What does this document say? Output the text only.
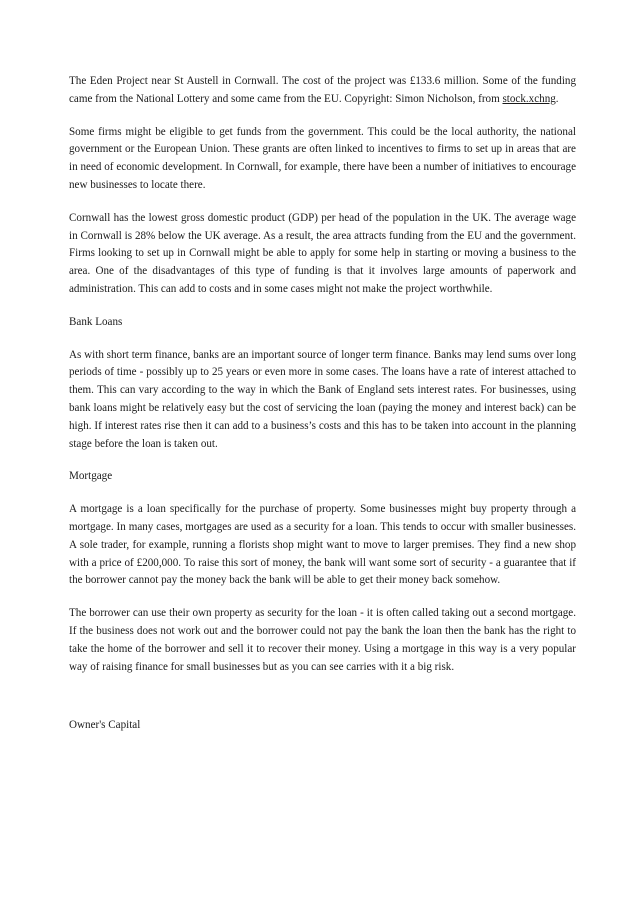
The Eden Project near St Austell in Cornwall. The cost of the project was £133.6 million. Some of the funding came from the National Lottery and some came from the EU. Copyright: Simon Nicholson, from stock.xchng.

Some firms might be eligible to get funds from the government. This could be the local authority, the national government or the European Union. These grants are often linked to incentives to firms to set up in areas that are in need of economic development. In Cornwall, for example, there have been a number of initiatives to encourage new businesses to locate there.

Cornwall has the lowest gross domestic product (GDP) per head of the population in the UK. The average wage in Cornwall is 28% below the UK average. As a result, the area attracts funding from the EU and the government. Firms looking to set up in Cornwall might be able to apply for some help in starting or moving a business to the area. One of the disadvantages of this type of funding is that it involves large amounts of paperwork and administration. This can add to costs and in some cases might not make the project worthwhile.

Bank Loans

As with short term finance, banks are an important source of longer term finance. Banks may lend sums over long periods of time - possibly up to 25 years or even more in some cases. The loans have a rate of interest attached to them. This can vary according to the way in which the Bank of England sets interest rates. For businesses, using bank loans might be relatively easy but the cost of servicing the loan (paying the money and interest back) can be high. If interest rates rise then it can add to a business’s costs and this has to be taken into account in the planning stage before the loan is taken out.

Mortgage

A mortgage is a loan specifically for the purchase of property. Some businesses might buy property through a mortgage. In many cases, mortgages are used as a security for a loan. This tends to occur with smaller businesses. A sole trader, for example, running a florists shop might want to move to larger premises. They find a new shop with a price of £200,000. To raise this sort of money, the bank will want some sort of security - a guarantee that if the borrower cannot pay the money back the bank will be able to get their money back somehow.

The borrower can use their own property as security for the loan - it is often called taking out a second mortgage. If the business does not work out and the borrower could not pay the bank the loan then the bank has the right to take the home of the borrower and sell it to recover their money. Using a mortgage in this way is a very popular way of raising finance for small businesses but as you can see carries with it a big risk.

Owner's Capital
